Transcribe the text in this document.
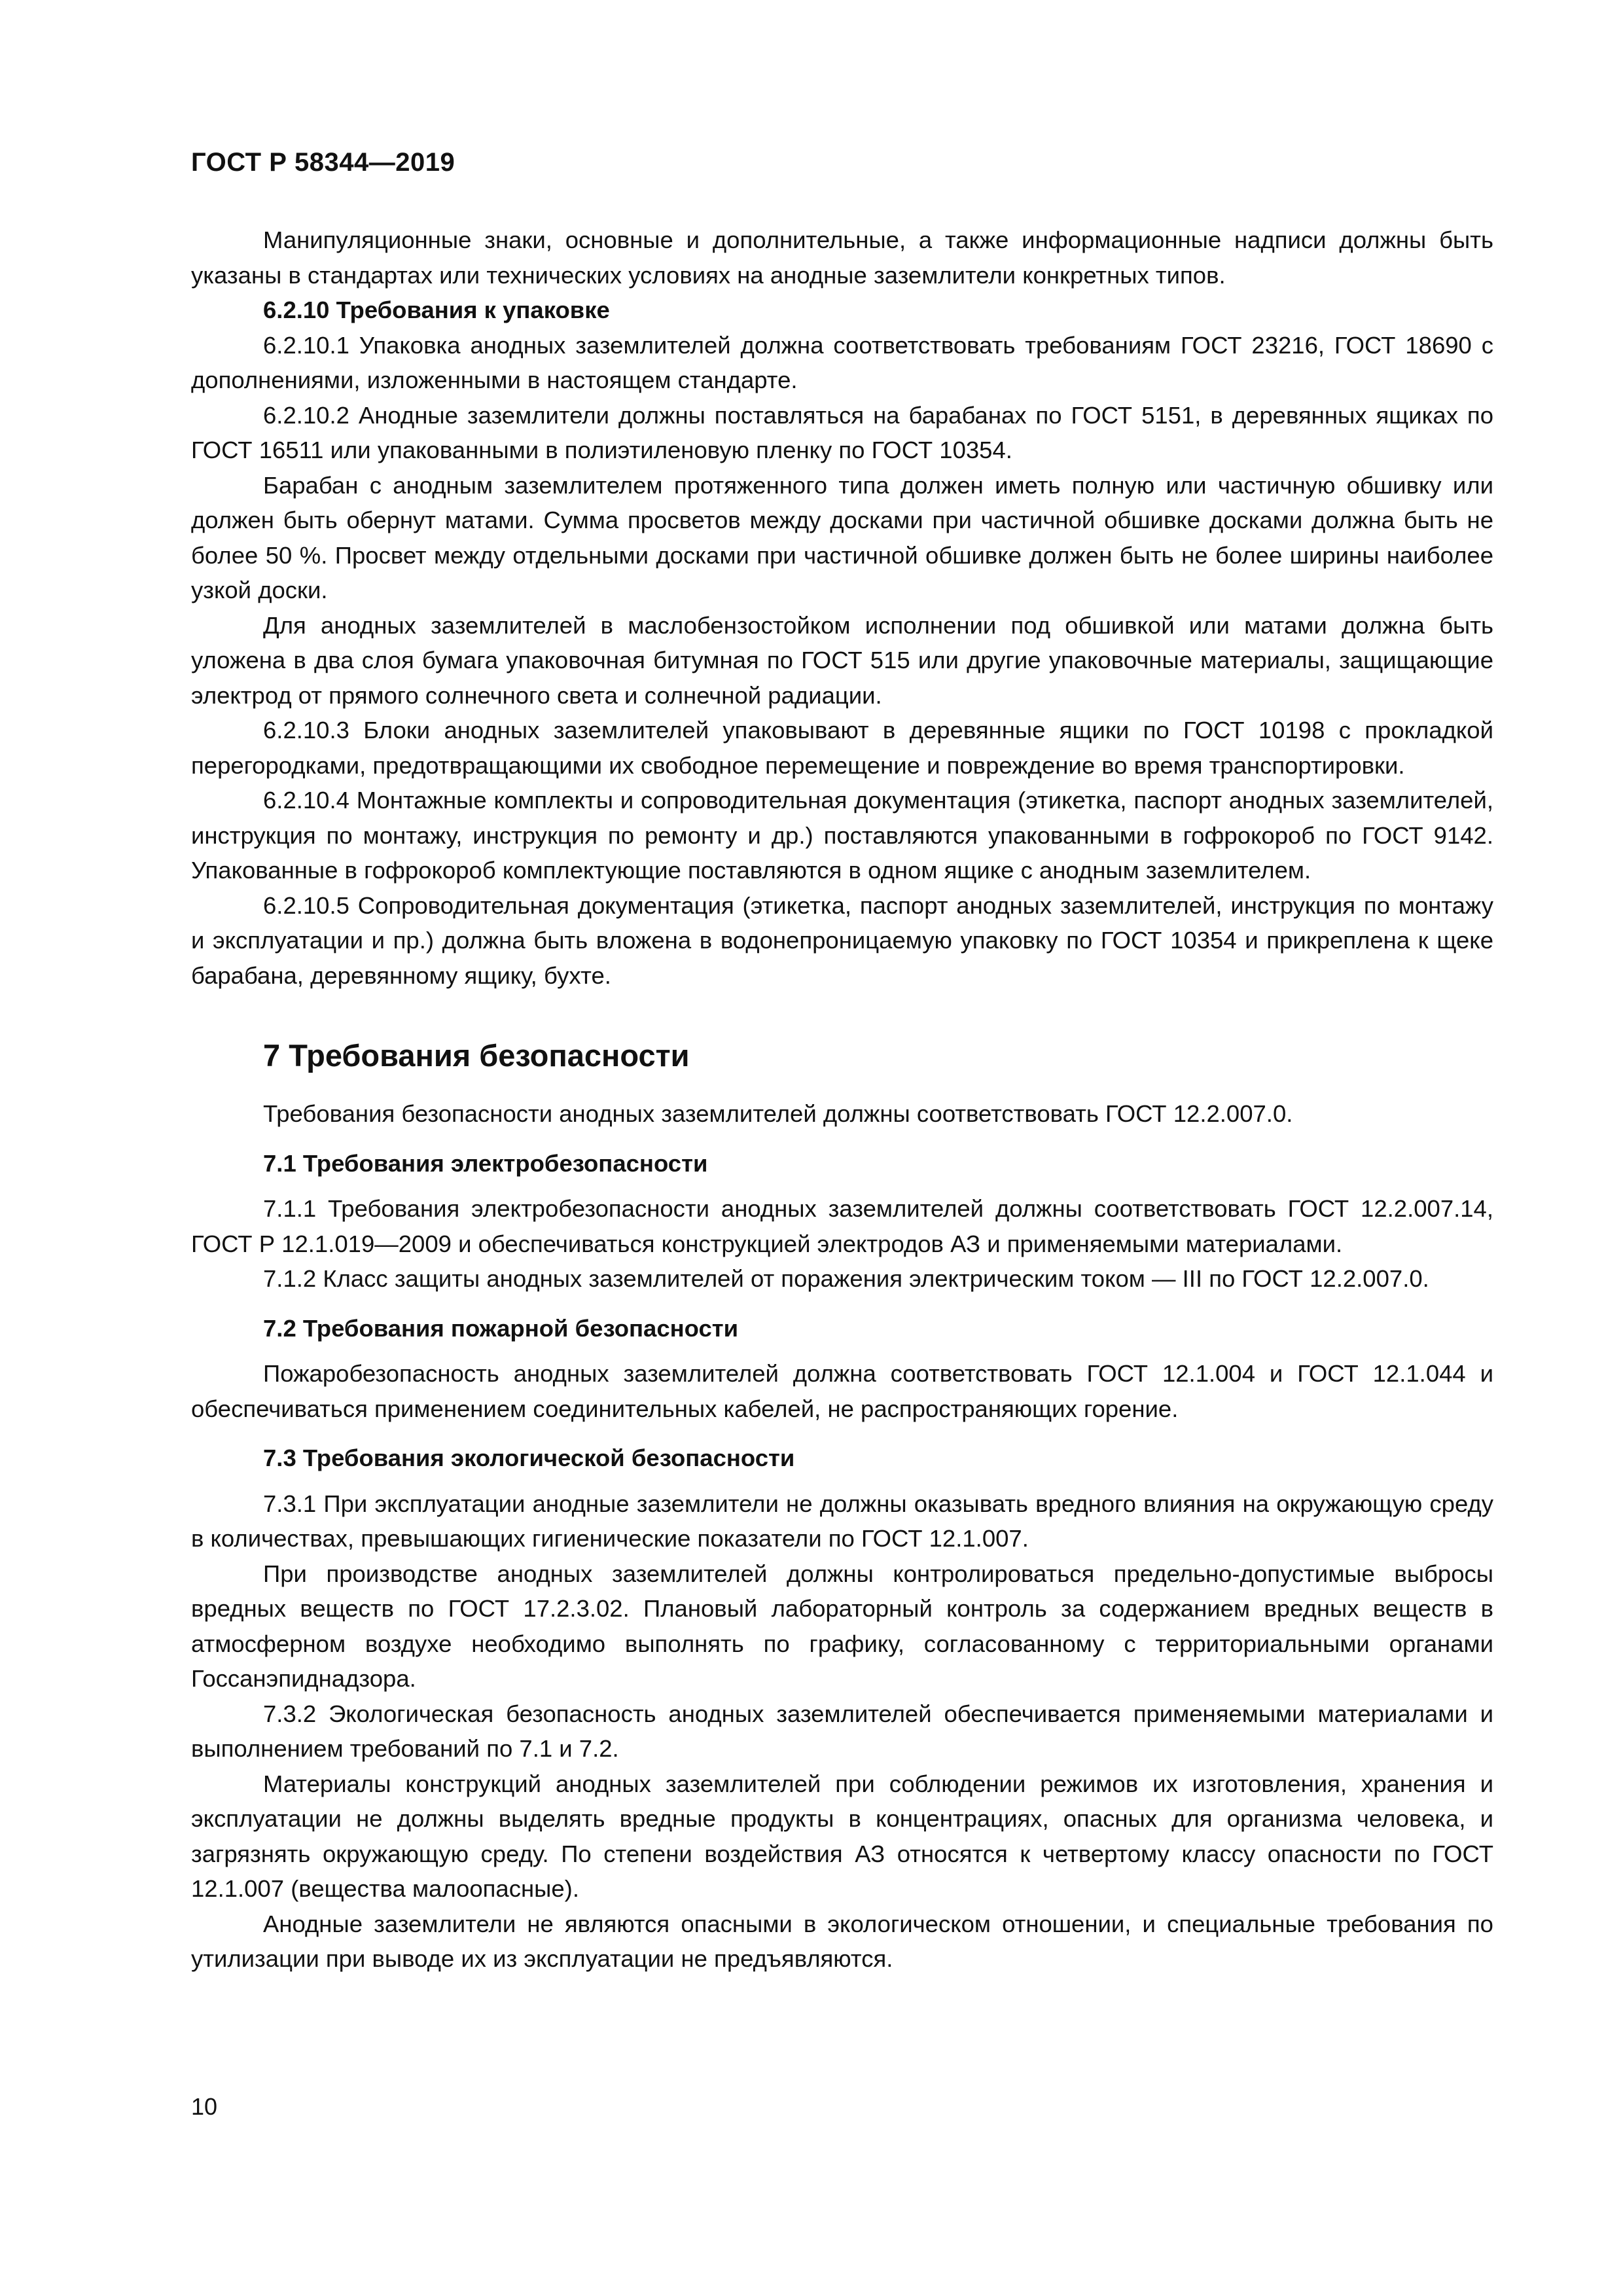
ГОСТ Р 58344—2019

Манипуляционные знаки, основные и дополнительные, а также информационные надписи должны быть указаны в стандартах или технических условиях на анодные заземлители конкретных типов.

6.2.10 Требования к упаковке

6.2.10.1 Упаковка анодных заземлителей должна соответствовать требованиям ГОСТ 23216, ГОСТ 18690 с дополнениями, изложенными в настоящем стандарте.

6.2.10.2 Анодные заземлители должны поставляться на барабанах по ГОСТ 5151, в деревянных ящиках по ГОСТ 16511 или упакованными в полиэтиленовую пленку по ГОСТ 10354.

Барабан с анодным заземлителем протяженного типа должен иметь полную или частичную обшивку или должен быть обернут матами. Сумма просветов между досками при частичной обшивке досками должна быть не более 50 %. Просвет между отдельными досками при частичной обшивке должен быть не более ширины наиболее узкой доски.

Для анодных заземлителей в маслобензостойком исполнении под обшивкой или матами должна быть уложена в два слоя бумага упаковочная битумная по ГОСТ 515 или другие упаковочные материалы, защищающие электрод от прямого солнечного света и солнечной радиации.

6.2.10.3 Блоки анодных заземлителей упаковывают в деревянные ящики по ГОСТ 10198 с прокладкой перегородками, предотвращающими их свободное перемещение и повреждение во время транспортировки.

6.2.10.4 Монтажные комплекты и сопроводительная документация (этикетка, паспорт анодных заземлителей, инструкция по монтажу, инструкция по ремонту и др.) поставляются упакованными в гофрокороб по ГОСТ 9142. Упакованные в гофрокороб комплектующие поставляются в одном ящике с анодным заземлителем.

6.2.10.5 Сопроводительная документация (этикетка, паспорт анодных заземлителей, инструкция по монтажу и эксплуатации и пр.) должна быть вложена в водонепроницаемую упаковку по ГОСТ 10354 и прикреплена к щеке барабана, деревянному ящику, бухте.

7 Требования безопасности

Требования безопасности анодных заземлителей должны соответствовать ГОСТ 12.2.007.0.

7.1 Требования электробезопасности

7.1.1 Требования электробезопасности анодных заземлителей должны соответствовать ГОСТ 12.2.007.14, ГОСТ Р 12.1.019—2009 и обеспечиваться конструкцией электродов АЗ и применяемыми материалами.

7.1.2 Класс защиты анодных заземлителей от поражения электрическим током — III по ГОСТ 12.2.007.0.

7.2 Требования пожарной безопасности

Пожаробезопасность анодных заземлителей должна соответствовать ГОСТ 12.1.004 и ГОСТ 12.1.044 и обеспечиваться применением соединительных кабелей, не распространяющих горение.

7.3 Требования экологической безопасности

7.3.1 При эксплуатации анодные заземлители не должны оказывать вредного влияния на окружающую среду в количествах, превышающих гигиенические показатели по ГОСТ 12.1.007.

При производстве анодных заземлителей должны контролироваться предельно-допустимые выбросы вредных веществ по ГОСТ 17.2.3.02. Плановый лабораторный контроль за содержанием вредных веществ в атмосферном воздухе необходимо выполнять по графику, согласованному с территориальными органами Госсанэпиднадзора.

7.3.2 Экологическая безопасность анодных заземлителей обеспечивается применяемыми материалами и выполнением требований по 7.1 и 7.2.

Материалы конструкций анодных заземлителей при соблюдении режимов их изготовления, хранения и эксплуатации не должны выделять вредные продукты в концентрациях, опасных для организма человека, и загрязнять окружающую среду. По степени воздействия АЗ относятся к четвертому классу опасности по ГОСТ 12.1.007 (вещества малоопасные).

Анодные заземлители не являются опасными в экологическом отношении, и специальные требования по утилизации при выводе их из эксплуатации не предъявляются.

10
